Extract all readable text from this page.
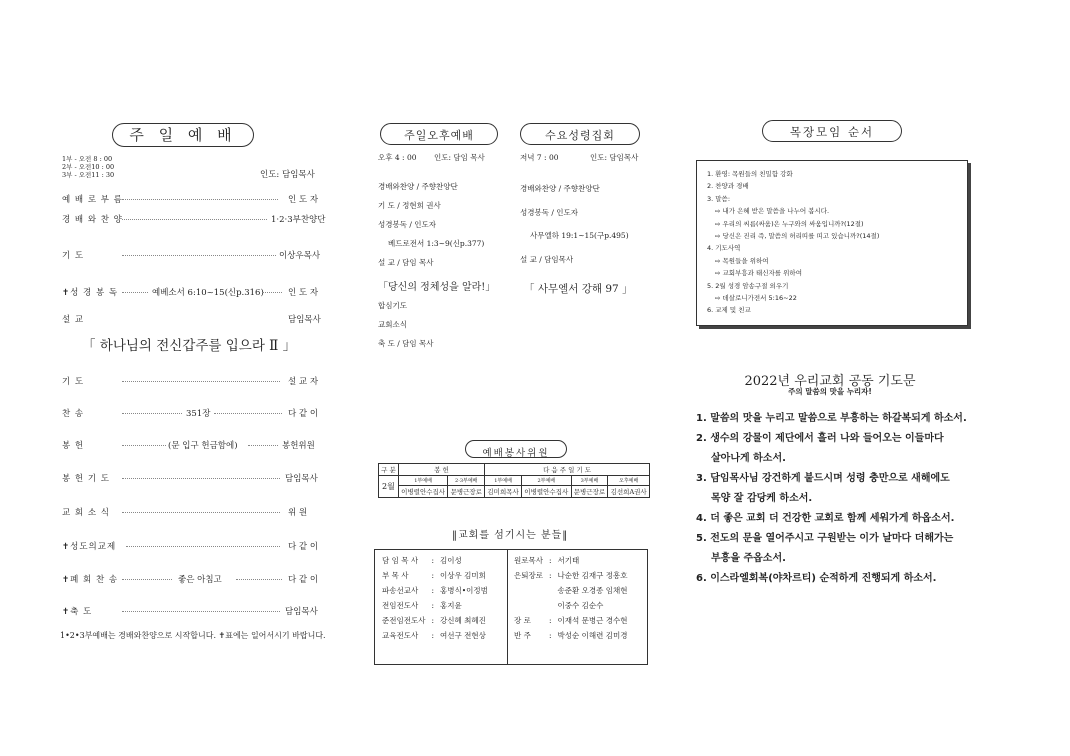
주 일 예 배
1부 - 오전 8 : 00
2부 - 오전10 : 00
3부 - 오전11 : 30	인도: 담임목사
예 배 로 부 름	인 도 자
경 배 와 찬 양	1·2·3부찬양단
기 도	이상우목사
✝성 경 봉 독	예베소서 6:10~15(신p.316)	인 도 자
설 교	담임목사
「 하나님의 전신갑주를 입으라 Ⅱ 」
기 도	설 교 자
찬 송	351장	다 같 이
봉 헌	(문 입구 헌금함에)	봉헌위원
봉 헌 기 도	담임목사
교 회 소 식	위 원
✝성도의교제	다 같 이
✝폐 회 찬 송	좋은 아침고	다 같 이
✝축 도	담임목사
1•2•3부예배는 경배와찬양으로 시작합니다. ✝표에는 일어서시기 바랍니다.
주일오후예배	수요성령집회
오후 4 : 00 인도: 담임 목사
경배와찬양 / 주향찬양단
기 도 / 정현희 권사
성경봉독 / 인도자
베드로전서 1:3~9(신p.377)
설 교 / 담임 목사
「당신의 정체성을 알라!」
합심기도
교회소식
축 도 / 담임 목사
저녁 7 : 00	인도: 담임목사
경배와찬양 / 주향찬양단
성경봉독 / 인도자
사무엘하 19:1~15(구p.495)
설 교 / 담임목사
「 사무엘서 강해 97 」
예배봉사위원
구 분	봉 헌		다 음 주 일 기 도			
2월	1부예배	2·3부예배	1부예배	2부예배	3부예배	오후예배
	이병렬안수집사	문병근장로	김미희목사	이병렬안수집사	문병근장로	김선희A권사
‖교회를 섬기시는 분들‖
담 임 목 사	:	김이성
부 목 사	:	이상우 김미희
파송선교사	:	홍병식•이정범
전임전도사	:	홍지윤
준전임전도사	:	강신혜 최혜진
교육전도사	:	여선구 전현상
원로목사	:	서기태
은퇴장로	:	나순한 김재구 정흥호
		송준환 오경종 임채현
		이중수 김순수
장 로	:	이재석 문병근 경수현
반 주	:	박성순 이해련 김미경
목장모임 순서
1. 환영: 목원들의 친밀함 강화
2. 찬양과 경배
3. 말씀:
⇨ 내가 은혜 받은 말씀을 나누어 봅시다.
⇨ 우리의 씨름(싸움)은 누구와의 싸움입니까?(12절)
⇨ 당신은 진리 즉, 말씀의 허리띠를 띠고 있습니까?(14절)
4. 기도사역
⇨ 목원들을 위하여
⇨ 교회부흥과 태신자를 위하여
5. 2월 성경 암송구절 외우기
⇨ 데살로니가전서 5:16~22
6. 교제 및 친교
2022년 우리교회 공동 기도문
주의 말씀의 맛을 누리자!
1. 말씀의 맛을 누리고 말씀으로 부흥하는 하갈복되게 하소서.
2. 생수의 강물이 제단에서 흘러 나와 들어오는 이들마다
살아나게 하소서.
3. 담임목사님 강건하게 붙드시며 성령 충만으로 새해에도
목양 잘 감당케 하소서.
4. 더 좋은 교회 더 건강한 교회로 함께 세워가게 하옵소서.
5. 전도의 문을 열어주시고 구원받는 이가 날마다 더해가는
부흥을 주옵소서.
6. 이스라엘회복(야차르티) 순적하게 진행되게 하소서.
